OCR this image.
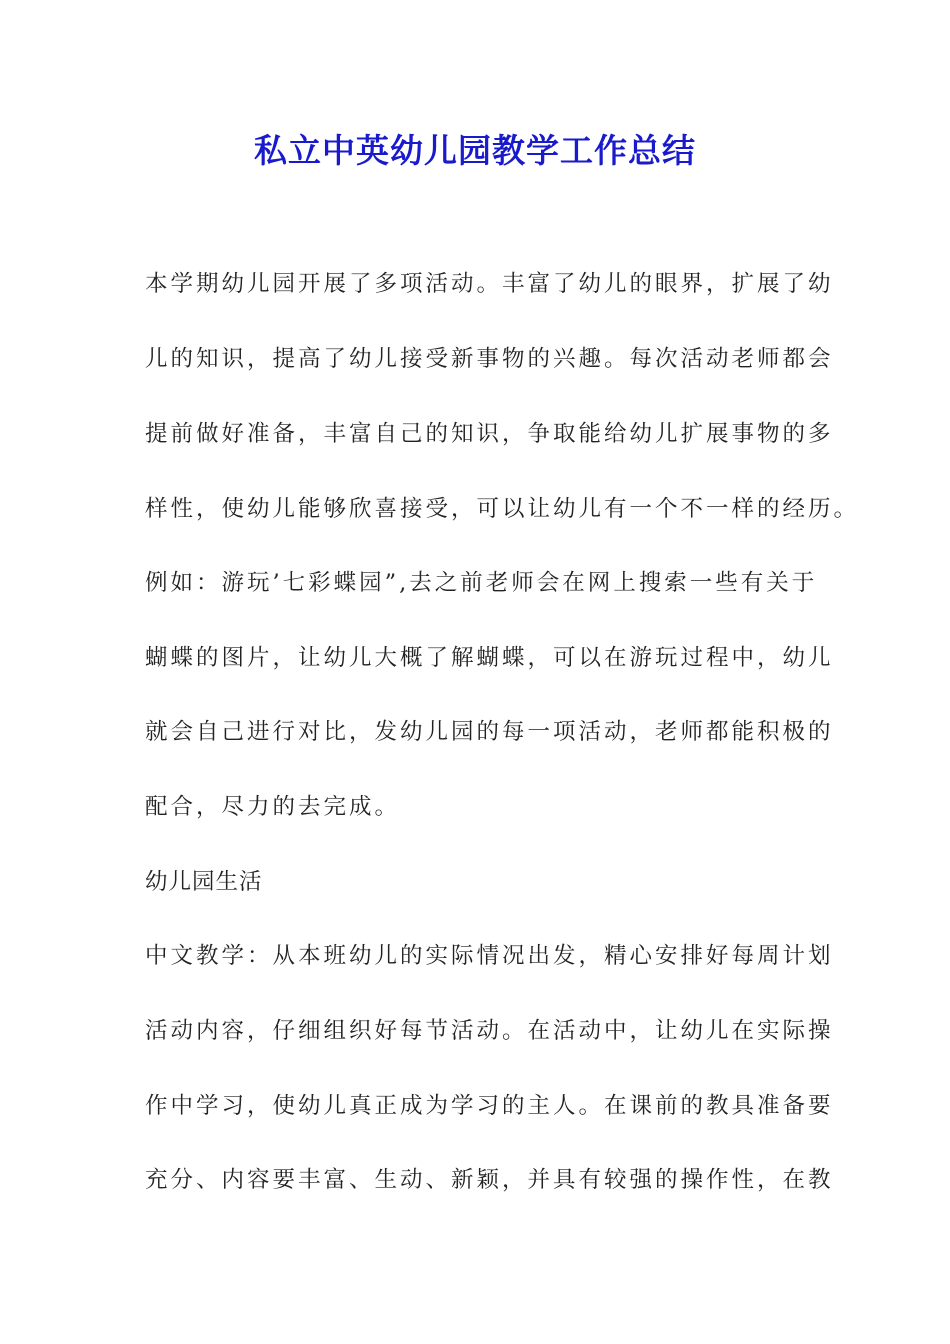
私立中英幼儿园教学工作总结

本学期幼儿园开展了多项活动。丰富了幼儿的眼界，扩展了幼

儿的知识，提高了幼儿接受新事物的兴趣。每次活动老师都会

提前做好准备，丰富自己的知识，争取能给幼儿扩展事物的多

样性，使幼儿能够欣喜接受，可以让幼儿有一个不一样的经历。

例如：游玩’七彩蝶园”,去之前老师会在网上搜索一些有关于

蝴蝶的图片，让幼儿大概了解蝴蝶，可以在游玩过程中，幼儿

就会自己进行对比，发幼儿园的每一项活动，老师都能积极的

配合，尽力的去完成。

幼儿园生活

中文教学：从本班幼儿的实际情况出发，精心安排好每周计划

活动内容，仔细组织好每节活动。在活动中，让幼儿在实际操

作中学习，使幼儿真正成为学习的主人。在课前的教具准备要

充分、内容要丰富、生动、新颖，并具有较强的操作性，在教
